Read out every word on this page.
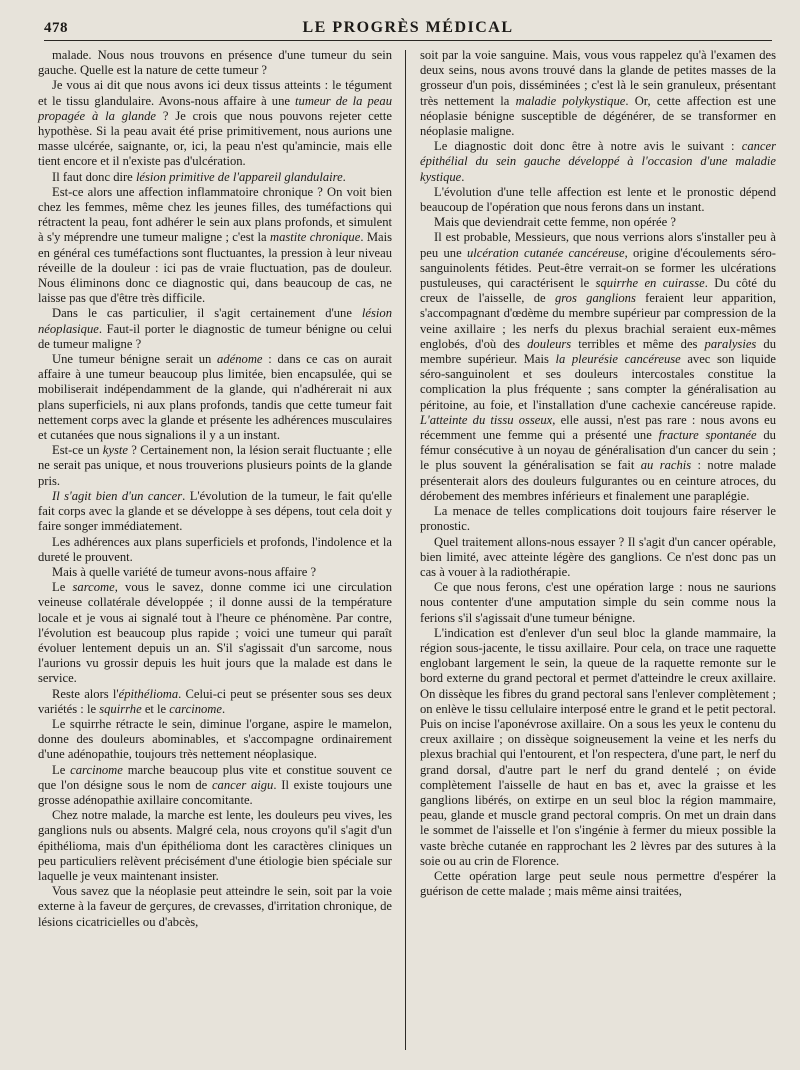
478	LE PROGRÈS MÉDICAL

malade. Nous nous trouvons en présence d'une tumeur du sein gauche. Quelle est la nature de cette tumeur ?

Je vous ai dit que nous avons ici deux tissus atteints : le tégument et le tissu glandulaire. Avons-nous affaire à une tumeur de la peau propagée à la glande ? Je crois que nous pouvons rejeter cette hypothèse. Si la peau avait été prise primitivement, nous aurions une masse ulcérée, saignante, or, ici, la peau n'est qu'amincie, mais elle tient encore et il n'existe pas d'ulcération.

Il faut donc dire lésion primitive de l'appareil glandulaire.

Est-ce alors une affection inflammatoire chronique ? On voit bien chez les femmes, même chez les jeunes filles, des tuméfactions qui rétractent la peau, font adhérer le sein aux plans profonds, et simulent à s'y méprendre une tumeur maligne ; c'est la mastite chronique. Mais en général ces tuméfactions sont fluctuantes, la pression à leur niveau réveille de la douleur : ici pas de vraie fluctuation, pas de douleur. Nous éliminons donc ce diagnostic qui, dans beaucoup de cas, ne laisse pas que d'être très difficile.

Dans le cas particulier, il s'agit certainement d'une lésion néoplasique. Faut-il porter le diagnostic de tumeur bénigne ou celui de tumeur maligne ?

Une tumeur bénigne serait un adénome : dans ce cas on aurait affaire à une tumeur beaucoup plus limitée, bien encapsulée, qui se mobiliserait indépendamment de la glande, qui n'adhérerait ni aux plans superficiels, ni aux plans profonds, tandis que cette tumeur fait nettement corps avec la glande et présente les adhérences musculaires et cutanées que nous signalions il y a un instant.

Est-ce un kyste ? Certainement non, la lésion serait fluctuante ; elle ne serait pas unique, et nous trouverions plusieurs points de la glande pris.

Il s'agit bien d'un cancer. L'évolution de la tumeur, le fait qu'elle fait corps avec la glande et se développe à ses dépens, tout cela doit y faire songer immédiatement.

Les adhérences aux plans superficiels et profonds, l'indolence et la dureté le prouvent.

Mais à quelle variété de tumeur avons-nous affaire ?

Le sarcome, vous le savez, donne comme ici une circulation veineuse collatérale développée ; il donne aussi de la température locale et je vous ai signalé tout à l'heure ce phénomène. Par contre, l'évolution est beaucoup plus rapide ; voici une tumeur qui paraît évoluer lentement depuis un an. S'il s'agissait d'un sarcome, nous l'aurions vu grossir depuis les huit jours que la malade est dans le service.

Reste alors l'épithélioma. Celui-ci peut se présenter sous ses deux variétés : le squirrhe et le carcinome.

Le squirrhe rétracte le sein, diminue l'organe, aspire le mamelon, donne des douleurs abominables, et s'accompagne ordinairement d'une adénopathie, toujours très nettement néoplasique.

Le carcinome marche beaucoup plus vite et constitue souvent ce que l'on désigne sous le nom de cancer aigu. Il existe toujours une grosse adénopathie axillaire concomitante.

Chez notre malade, la marche est lente, les douleurs peu vives, les ganglions nuls ou absents. Malgré cela, nous croyons qu'il s'agit d'un épithélioma, mais d'un épithélioma dont les caractères cliniques un peu particuliers relèvent précisément d'une étiologie bien spéciale sur laquelle je veux maintenant insister.

Vous savez que la néoplasie peut atteindre le sein, soit par la voie externe à la faveur de gerçures, de crevasses, d'irritation chronique, de lésions cicatricielles ou d'abcès,

soit par la voie sanguine. Mais, vous vous rappelez qu'à l'examen des deux seins, nous avons trouvé dans la glande de petites masses de la grosseur d'un pois, disséminées ; c'est là le sein granuleux, présentant très nettement la maladie polykystique. Or, cette affection est une néoplasie bénigne susceptible de dégénérer, de se transformer en néoplasie maligne.

Le diagnostic doit donc être à notre avis le suivant : cancer épithélial du sein gauche développé à l'occasion d'une maladie kystique.

L'évolution d'une telle affection est lente et le pronostic dépend beaucoup de l'opération que nous ferons dans un instant.

Mais que deviendrait cette femme, non opérée ?

Il est probable, Messieurs, que nous verrions alors s'installer peu à peu une ulcération cutanée cancéreuse, origine d'écoulements séro-sanguinolents fétides. Peut-être verrait-on se former les ulcérations pustuleuses, qui caractérisent le squirrhe en cuirasse. Du côté du creux de l'aisselle, de gros ganglions feraient leur apparition, s'accompagnant d'œdème du membre supérieur par compression de la veine axillaire ; les nerfs du plexus brachial seraient eux-mêmes englobés, d'où des douleurs terribles et même des paralysies du membre supérieur. Mais la pleurésie cancéreuse avec son liquide séro-sanguinolent et ses douleurs intercostales constitue la complication la plus fréquente ; sans compter la généralisation au péritoine, au foie, et l'installation d'une cachexie cancéreuse rapide. L'atteinte du tissu osseux, elle aussi, n'est pas rare : nous avons eu récemment une femme qui a présenté une fracture spontanée du fémur consécutive à un noyau de généralisation d'un cancer du sein ; le plus souvent la généralisation se fait au rachis : notre malade présenterait alors des douleurs fulgurantes ou en ceinture atroces, du dérobement des membres inférieurs et finalement une paraplégie.

La menace de telles complications doit toujours faire réserver le pronostic.

Quel traitement allons-nous essayer ? Il s'agit d'un cancer opérable, bien limité, avec atteinte légère des ganglions. Ce n'est donc pas un cas à vouer à la radiothérapie.

Ce que nous ferons, c'est une opération large : nous ne saurions nous contenter d'une amputation simple du sein comme nous la ferions s'il s'agissait d'une tumeur bénigne.

L'indication est d'enlever d'un seul bloc la glande mammaire, la région sous-jacente, le tissu axillaire. Pour cela, on trace une raquette englobant largement le sein, la queue de la raquette remonte sur le bord externe du grand pectoral et permet d'atteindre le creux axillaire. On dissèque les fibres du grand pectoral sans l'enlever complètement ; on enlève le tissu cellulaire interposé entre le grand et le petit pectoral. Puis on incise l'aponévrose axillaire. On a sous les yeux le contenu du creux axillaire ; on dissèque soigneusement la veine et les nerfs du plexus brachial qui l'entourent, et l'on respectera, d'une part, le nerf du grand dorsal, d'autre part le nerf du grand dentelé ; on évide complètement l'aisselle de haut en bas et, avec la graisse et les ganglions libérés, on extirpe en un seul bloc la région mammaire, peau, glande et muscle grand pectoral compris. On met un drain dans le sommet de l'aisselle et l'on s'ingénie à fermer du mieux possible la vaste brèche cutanée en rapprochant les 2 lèvres par des sutures à la soie ou au crin de Florence.

Cette opération large peut seule nous permettre d'espérer la guérison de cette malade ; mais même ainsi traitées,
